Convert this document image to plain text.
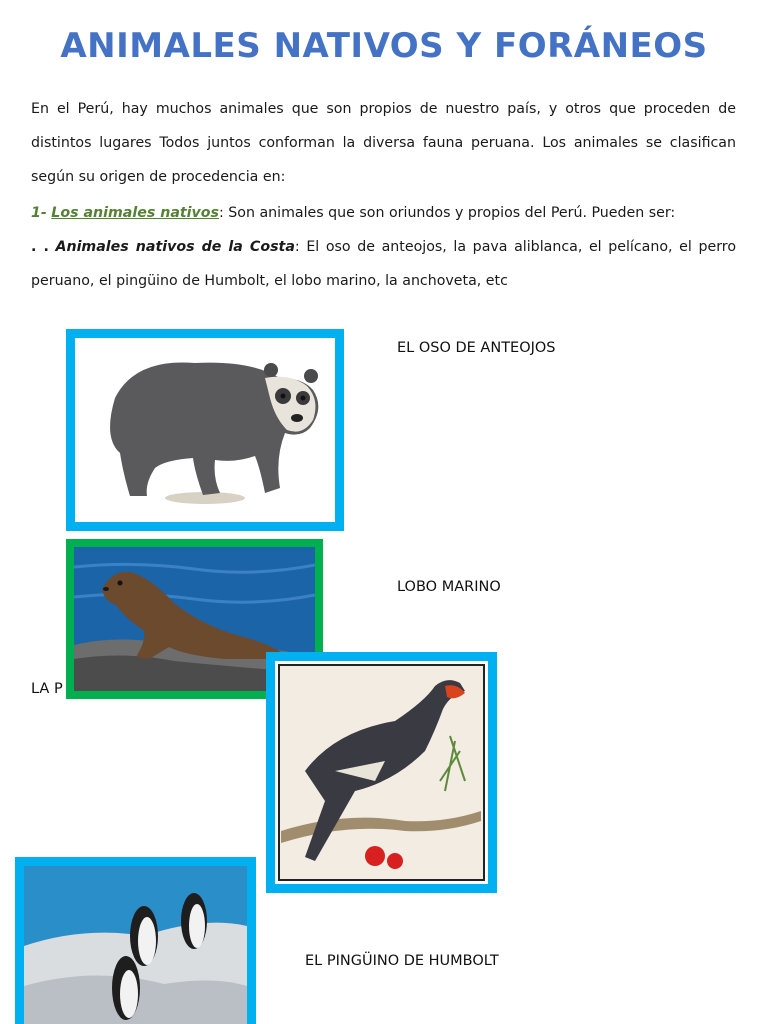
ANIMALES NATIVOS Y FORÁNEOS

En el Perú, hay muchos animales que son propios de nuestro país, y otros que proceden de distintos lugares Todos juntos conforman la diversa fauna peruana. Los animales se clasifican según su origen de procedencia en:

1- Los animales nativos: Son animales que son oriundos y propios del Perú. Pueden ser:

. . Animales nativos de la Costa: El oso de anteojos, la pava aliblanca, el pelícano, el perro peruano, el pingüino de Humbolt, el lobo marino, la anchoveta, etc

EL OSO DE ANTEOJOS
LOBO MARINO
LA P
EL PINGÜINO DE HUMBOLT
